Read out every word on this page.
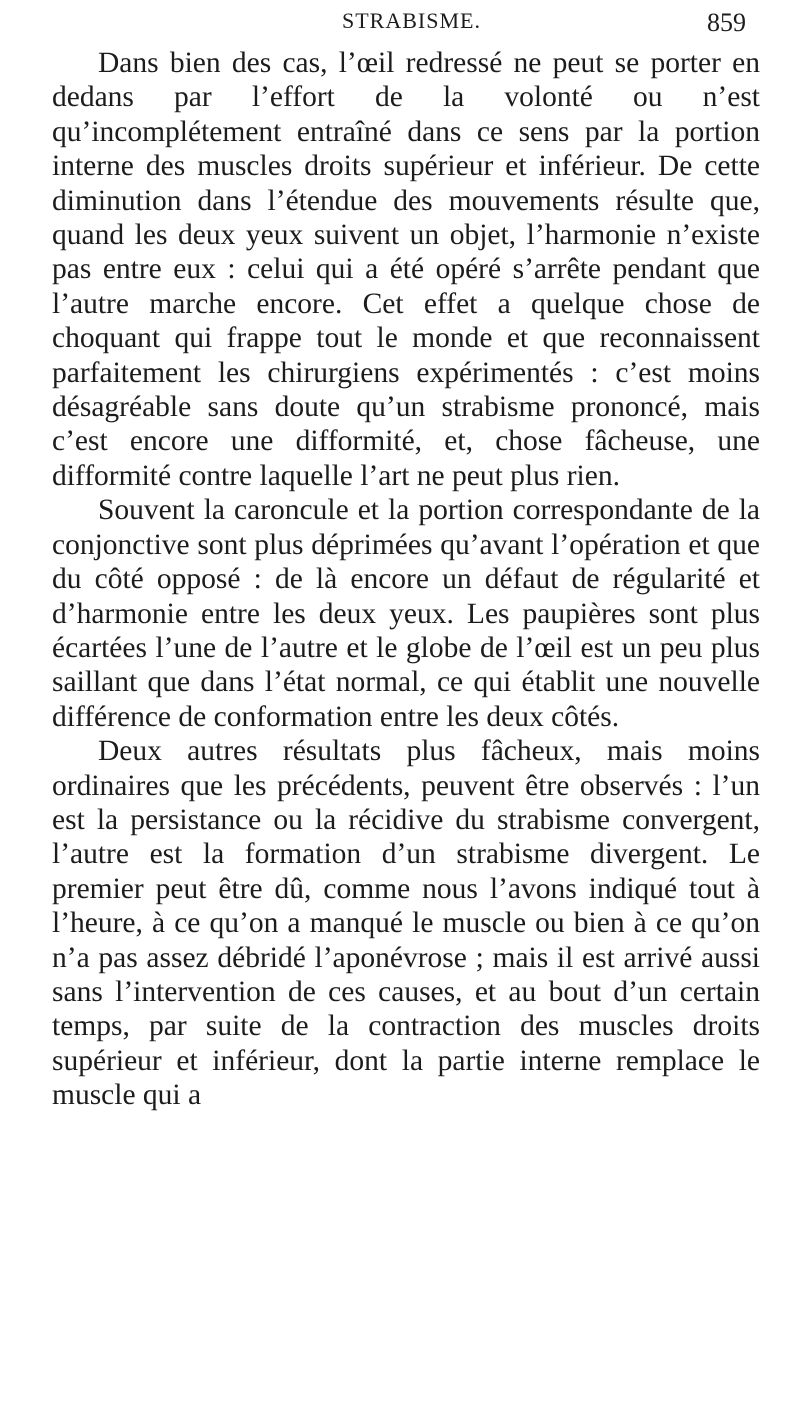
STRABISME.	859

Dans bien des cas, l’œil redressé ne peut se porter en dedans par l’effort de la volonté ou n’est qu’incomplétement entraîné dans ce sens par la portion interne des muscles droits supérieur et inférieur. De cette diminution dans l’étendue des mouvements résulte que, quand les deux yeux suivent un objet, l’harmonie n’existe pas entre eux : celui qui a été opéré s’arrête pendant que l’autre marche encore. Cet effet a quelque chose de choquant qui frappe tout le monde et que reconnaissent parfaitement les chirurgiens expérimentés : c’est moins désagréable sans doute qu’un strabisme prononcé, mais c’est encore une difformité, et, chose fâcheuse, une difformité contre laquelle l’art ne peut plus rien.

Souvent la caroncule et la portion correspondante de la conjonctive sont plus déprimées qu’avant l’opération et que du côté opposé : de là encore un défaut de régularité et d’harmonie entre les deux yeux. Les paupières sont plus écartées l’une de l’autre et le globe de l’œil est un peu plus saillant que dans l’état normal, ce qui établit une nouvelle différence de conformation entre les deux côtés.

Deux autres résultats plus fâcheux, mais moins ordinaires que les précédents, peuvent être observés : l’un est la persistance ou la récidive du strabisme convergent, l’autre est la formation d’un strabisme divergent. Le premier peut être dû, comme nous l’avons indiqué tout à l’heure, à ce qu’on a manqué le muscle ou bien à ce qu’on n’a pas assez débridé l’aponévrose ; mais il est arrivé aussi sans l’intervention de ces causes, et au bout d’un certain temps, par suite de la contraction des muscles droits supérieur et inférieur, dont la partie interne remplace le muscle qui a
